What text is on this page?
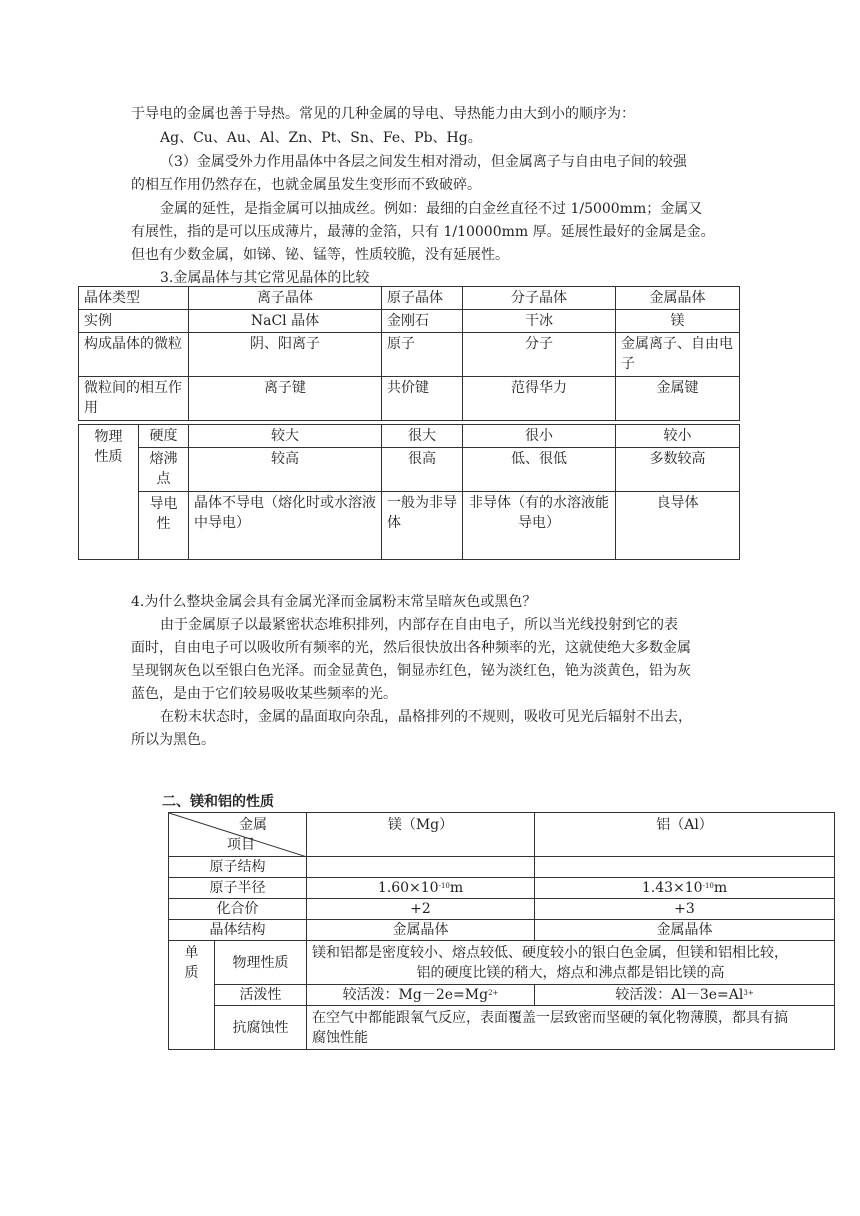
于导电的金属也善于导热。常见的几种金属的导电、导热能力由大到小的顺序为：
Ag、Cu、Au、Al、Zn、Pt、Sn、Fe、Pb、Hg。
（3）金属受外力作用晶体中各层之间发生相对滑动，但金属离子与自由电子间的较强
的相互作用仍然存在，也就金属虽发生变形而不致破碎。
金属的延性，是指金属可以抽成丝。例如：最细的白金丝直径不过 1/5000mm；金属又
有展性，指的是可以压成薄片，最薄的金箔，只有 1/10000mm 厚。延展性最好的金属是金。
但也有少数金属，如锑、铋、锰等，性质较脆，没有延展性。
3.金属晶体与其它常见晶体的比较
晶体类型	离子晶体	原子晶体	分子晶体	金属晶体
实例	NaCl 晶体	金刚石	干冰	镁
构成晶体的微粒	阴、阳离子	原子	分子	金属离子、自由电子
微粒间的相互作用	离子键	共价键	范得华力	金属键
物理性质	硬度	较大	很大	很小	较小
	熔沸点	较高	很高	低、很低	多数较高
	导电性	晶体不导电（熔化时或水溶液中导电）	一般为非导体	非导体（有的水溶液能导电）	良导体
4.为什么整块金属会具有金属光泽而金属粉末常呈暗灰色或黑色？
由于金属原子以最紧密状态堆积排列，内部存在自由电子，所以当光线投射到它的表
面时，自由电子可以吸收所有频率的光，然后很快放出各种频率的光，这就使绝大多数金属
呈现钢灰色以至银白色光泽。而金显黄色，铜显赤红色，铋为淡红色，铯为淡黄色，铅为灰
蓝色，是由于它们较易吸收某些频率的光。
在粉末状态时，金属的晶面取向杂乱，晶格排列的不规则，吸收可见光后辐射不出去，
所以为黑色。
二、镁和铝的性质
金属
项目		镁（Mg）	铝（Al）
原子结构			
原子半径		$1.60\times 10^{-10}m$	$1.43\times 10^{-10}m$
化合价		+2	+3
晶体结构		金属晶体	金属晶体
单质	物理性质	镁和铝都是密度较小、熔点较低、硬度较小的银白色金属，但镁和铝相比较，
铝的硬度比镁的稍大，熔点和沸点都是铝比镁的高	

	活泼性	较活泼：$Mg-2e=Mg^{2+}$	较活泼：$Al-3e=Al^{3+}$
	抗腐蚀性	在空气中都能跟氧气反应，表面覆盖一层致密而坚硬的氧化物薄膜，都具有搞
腐蚀性能	
